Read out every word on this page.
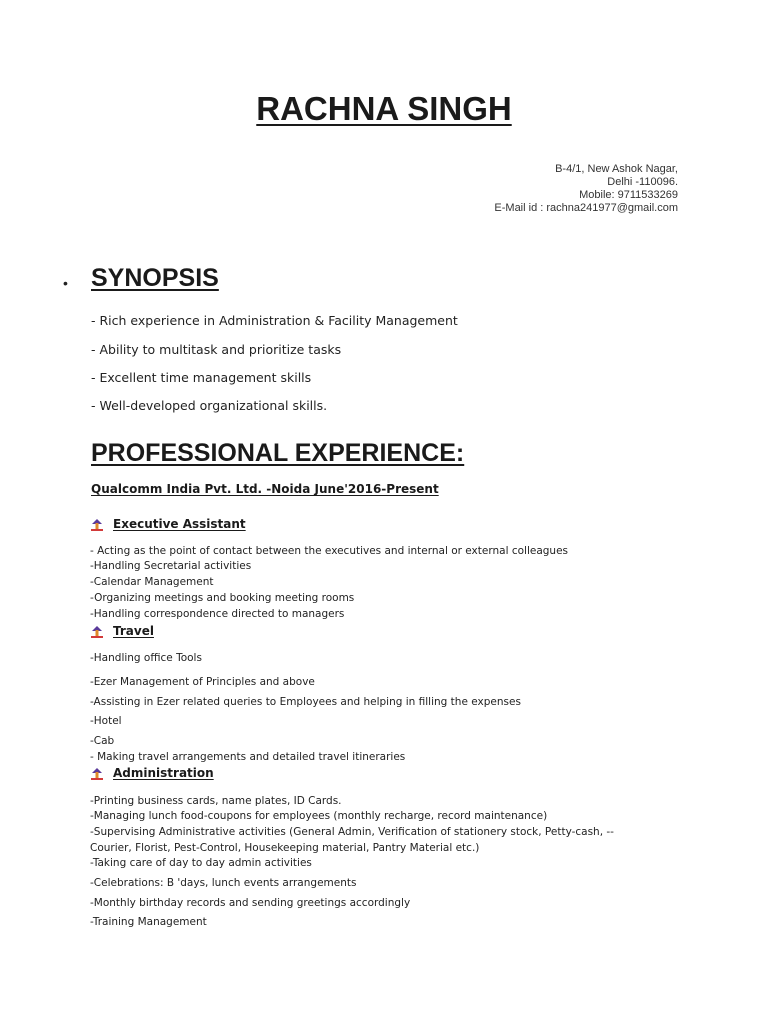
RACHNA SINGH
B-4/1, New Ashok Nagar,
Delhi -110096.
Mobile: 9711533269
E-Mail id : rachna241977@gmail.com
• SYNOPSIS
- Rich experience in Administration & Facility Management
- Ability to multitask and prioritize tasks
- Excellent time management skills
- Well-developed organizational skills.
PROFESSIONAL EXPERIENCE:
Qualcomm India Pvt. Ltd. -Noida June'2016-Present
Executive Assistant
- Acting as the point of contact between the executives and internal or external colleagues
-Handling Secretarial activities
-Calendar Management
-Organizing meetings and booking meeting rooms
-Handling correspondence directed to managers
Travel
-Handling office Tools
-Ezer Management of Principles and above
-Assisting in Ezer related queries to Employees and helping in filling the expenses
-Hotel
-Cab
- Making travel arrangements and detailed travel itineraries
Administration
-Printing business cards, name plates, ID Cards.
-Managing lunch food-coupons for employees (monthly recharge, record maintenance)
-Supervising Administrative activities (General Admin, Verification of stationery stock, Petty-cash, --
Courier, Florist, Pest-Control, Housekeeping material, Pantry Material etc.)
-Taking care of day to day admin activities
-Celebrations: B 'days, lunch events arrangements
-Monthly birthday records and sending greetings accordingly
-Training Management
